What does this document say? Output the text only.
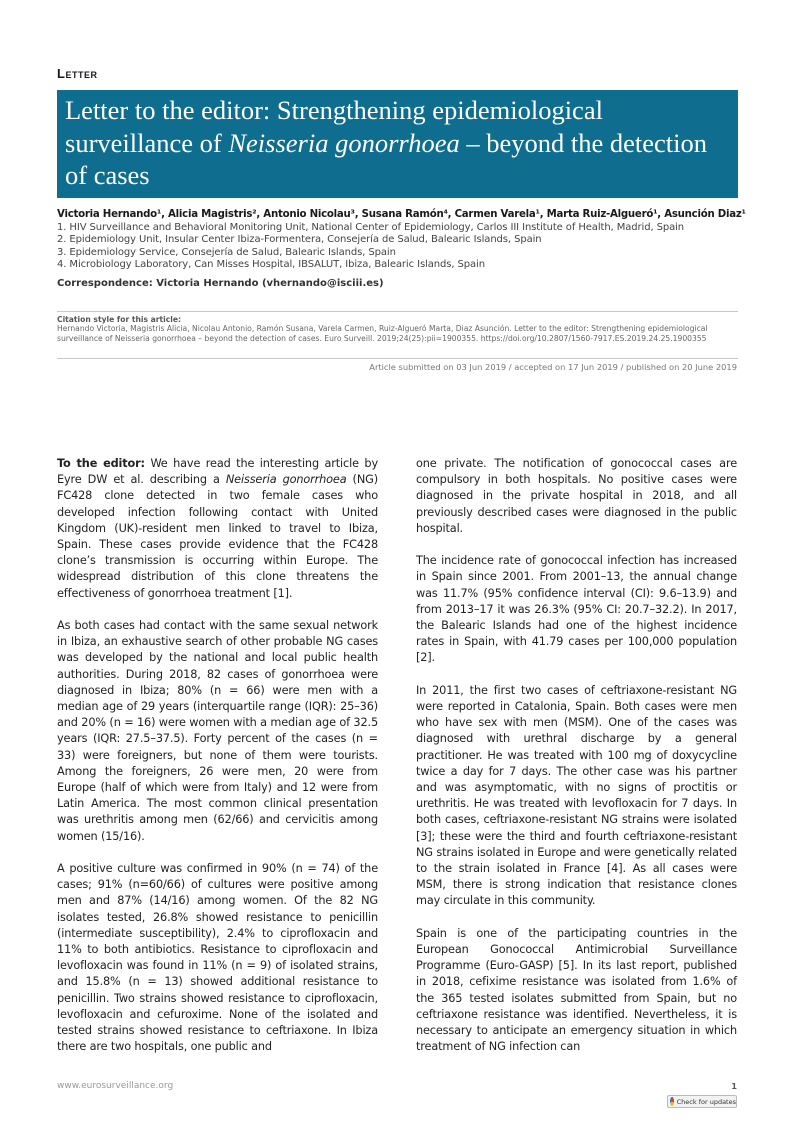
Letter
Letter to the editor: Strengthening epidemiological surveillance of Neisseria gonorrhoea – beyond the detection of cases
Victoria Hernando¹, Alicia Magistris², Antonio Nicolau³, Susana Ramón⁴, Carmen Varela¹, Marta Ruiz-Algueró¹, Asunción Diaz¹
1. HIV Surveillance and Behavioral Monitoring Unit, National Center of Epidemiology, Carlos III Institute of Health, Madrid, Spain
2. Epidemiology Unit, Insular Center Ibiza-Formentera, Consejería de Salud, Balearic Islands, Spain
3. Epidemiology Service, Consejería de Salud, Balearic Islands, Spain
4. Microbiology Laboratory, Can Misses Hospital, IBSALUT, Ibiza, Balearic Islands, Spain
Correspondence: Victoria Hernando (vhernando@isciii.es)
Citation style for this article:
Hernando Victoria, Magistris Alicia, Nicolau Antonio, Ramón Susana, Varela Carmen, Ruiz-Algueró Marta, Diaz Asunción. Letter to the editor: Strengthening epidemiological surveillance of Neisseria gonorrhoea – beyond the detection of cases. Euro Surveill. 2019;24(25):pii=1900355. https://doi.org/10.2807/1560-7917.ES.2019.24.25.1900355
Article submitted on 03 Jun 2019 / accepted on 17 Jun 2019 / published on 20 June 2019

To the editor: We have read the interesting article by Eyre DW et al. describing a Neisseria gonorrhoea (NG) FC428 clone detected in two female cases who developed infection following contact with United Kingdom (UK)-resident men linked to travel to Ibiza, Spain. These cases provide evidence that the FC428 clone’s transmission is occurring within Europe. The widespread distribution of this clone threatens the effectiveness of gonorrhoea treatment [1].

As both cases had contact with the same sexual network in Ibiza, an exhaustive search of other probable NG cases was developed by the national and local public health authorities. During 2018, 82 cases of gonorrhoea were diagnosed in Ibiza; 80% (n = 66) were men with a median age of 29 years (interquartile range (IQR): 25–36) and 20% (n = 16) were women with a median age of 32.5 years (IQR: 27.5–37.5). Forty percent of the cases (n = 33) were foreigners, but none of them were tourists. Among the foreigners, 26 were men, 20 were from Europe (half of which were from Italy) and 12 were from Latin America. The most common clinical presentation was urethritis among men (62/66) and cervicitis among women (15/16).

A positive culture was confirmed in 90% (n = 74) of the cases; 91% (n=60/66) of cultures were positive among men and 87% (14/16) among women. Of the 82 NG isolates tested, 26.8% showed resistance to penicillin (intermediate susceptibility), 2.4% to ciprofloxacin and 11% to both antibiotics. Resistance to ciprofloxacin and levofloxacin was found in 11% (n = 9) of isolated strains, and 15.8% (n = 13) showed additional resistance to penicillin. Two strains showed resistance to ciprofloxacin, levofloxacin and cefuroxime. None of the isolated and tested strains showed resistance to ceftriaxone. In Ibiza there are two hospitals, one public and

one private. The notification of gonococcal cases are compulsory in both hospitals. No positive cases were diagnosed in the private hospital in 2018, and all previously described cases were diagnosed in the public hospital.

The incidence rate of gonococcal infection has increased in Spain since 2001. From 2001–13, the annual change was 11.7% (95% confidence interval (CI): 9.6–13.9) and from 2013–17 it was 26.3% (95% CI: 20.7–32.2). In 2017, the Balearic Islands had one of the highest incidence rates in Spain, with 41.79 cases per 100,000 population [2].

In 2011, the first two cases of ceftriaxone-resistant NG were reported in Catalonia, Spain. Both cases were men who have sex with men (MSM). One of the cases was diagnosed with urethral discharge by a general practitioner. He was treated with 100 mg of doxycycline twice a day for 7 days. The other case was his partner and was asymptomatic, with no signs of proctitis or urethritis. He was treated with levofloxacin for 7 days. In both cases, ceftriaxone-resistant NG strains were isolated [3]; these were the third and fourth ceftriaxone-resistant NG strains isolated in Europe and were genetically related to the strain isolated in France [4]. As all cases were MSM, there is strong indication that resistance clones may circulate in this community.

Spain is one of the participating countries in the European Gonococcal Antimicrobial Surveillance Programme (Euro-GASP) [5]. In its last report, published in 2018, cefixime resistance was isolated from 1.6% of the 365 tested isolates submitted from Spain, but no ceftriaxone resistance was identified. Nevertheless, it is necessary to anticipate an emergency situation in which treatment of NG infection can

www.eurosurveillance.org	1
Check for updates
